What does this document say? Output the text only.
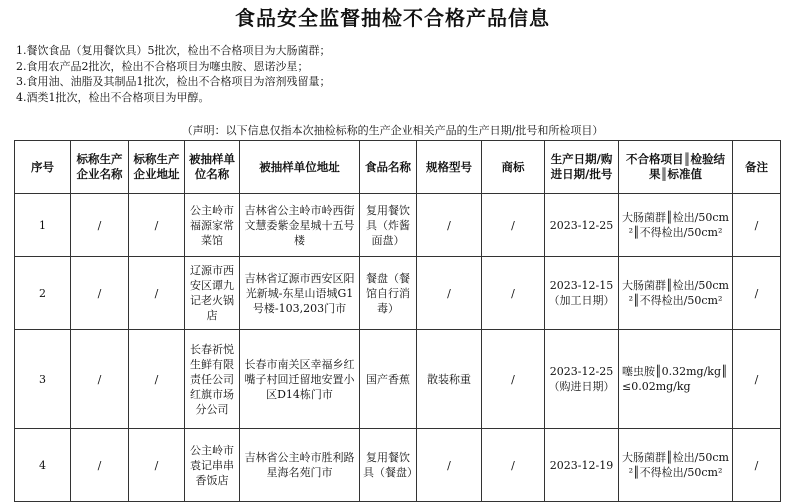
食品安全监督抽检不合格产品信息
1.餐饮食品（复用餐饮具）5批次，检出不合格项目为大肠菌群；
2.食用农产品2批次，检出不合格项目为噻虫胺、恩诺沙星；
3.食用油、油脂及其制品1批次，检出不合格项目为溶剂残留量；
4.酒类1批次，检出不合格项目为甲醇。
（声明：以下信息仅指本次抽检标称的生产企业相关产品的生产日期/批号和所检项目）
序号	标称生产企业名称	标称生产企业地址	被抽样单位名称	被抽样单位地址	食品名称	规格型号	商标	生产日期/购进日期/批号	不合格项目║检验结果║标准值	备注
1	/	/	公主岭市福源家常菜馆	吉林省公主岭市岭西街文慧委紫金星城十五号楼	复用餐饮具（炸酱面盘）	/	/	2023-12-25	大肠菌群║检出/50cm²║不得检出/50cm²	/
2	/	/	辽源市西安区谭九记老火锅店	吉林省辽源市西安区阳光新城-东星山语城G1号楼-103,203门市	餐盘（餐馆自行消毒）	/	/	2023-12-15（加工日期）	大肠菌群║检出/50cm²║不得检出/50cm²	/
3	/	/	长春祈悦生鲜有限责任公司红旗市场分公司	长春市南关区幸福乡红嘴子村回迁留地安置小区D14栋门市	国产香蕉	散装称重	/	2023-12-25（购进日期）	噻虫胺║0.32mg/kg║≤0.02mg/kg	/
4	/	/	公主岭市袁记串串香饭店	吉林省公主岭市胜利路星海名苑门市	复用餐饮具（餐盘）	/	/	2023-12-19	大肠菌群║检出/50cm²║不得检出/50cm²	/
